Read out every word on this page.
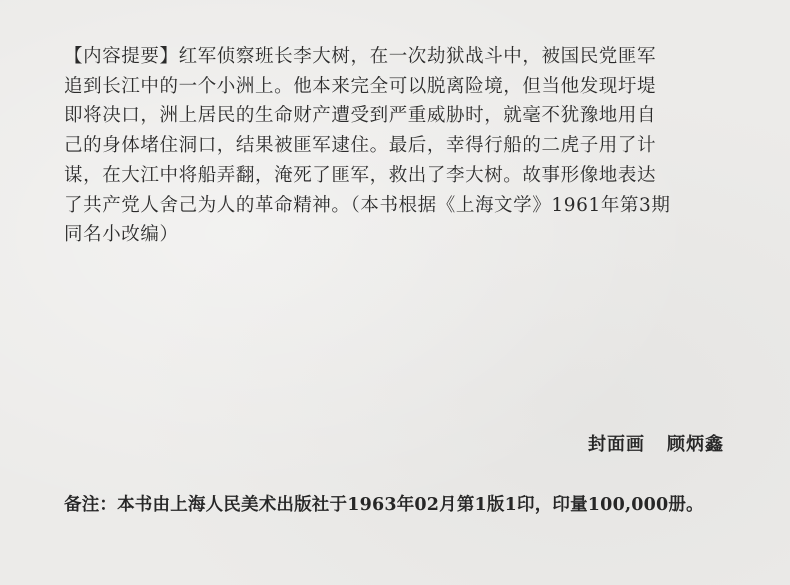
【内容提要】红军侦察班长李大树，在一次劫狱战斗中，被国民党匪军
追到长江中的一个小洲上。他本来完全可以脱离险境，但当他发现圩堤
即将决口，洲上居民的生命财产遭受到严重威胁时，就毫不犹豫地用自
己的身体堵住洞口，结果被匪军逮住。最后，幸得行船的二虎子用了计
谋，在大江中将船弄翻，淹死了匪军，救出了李大树。故事形像地表达
了共产党人舍己为人的革命精神。（本书根据《上海文学》1961年第3期
同名小改编）
封面画 顾炳鑫
备注：本书由上海人民美术出版社于1963年02月第1版1印，印量100,000册。
